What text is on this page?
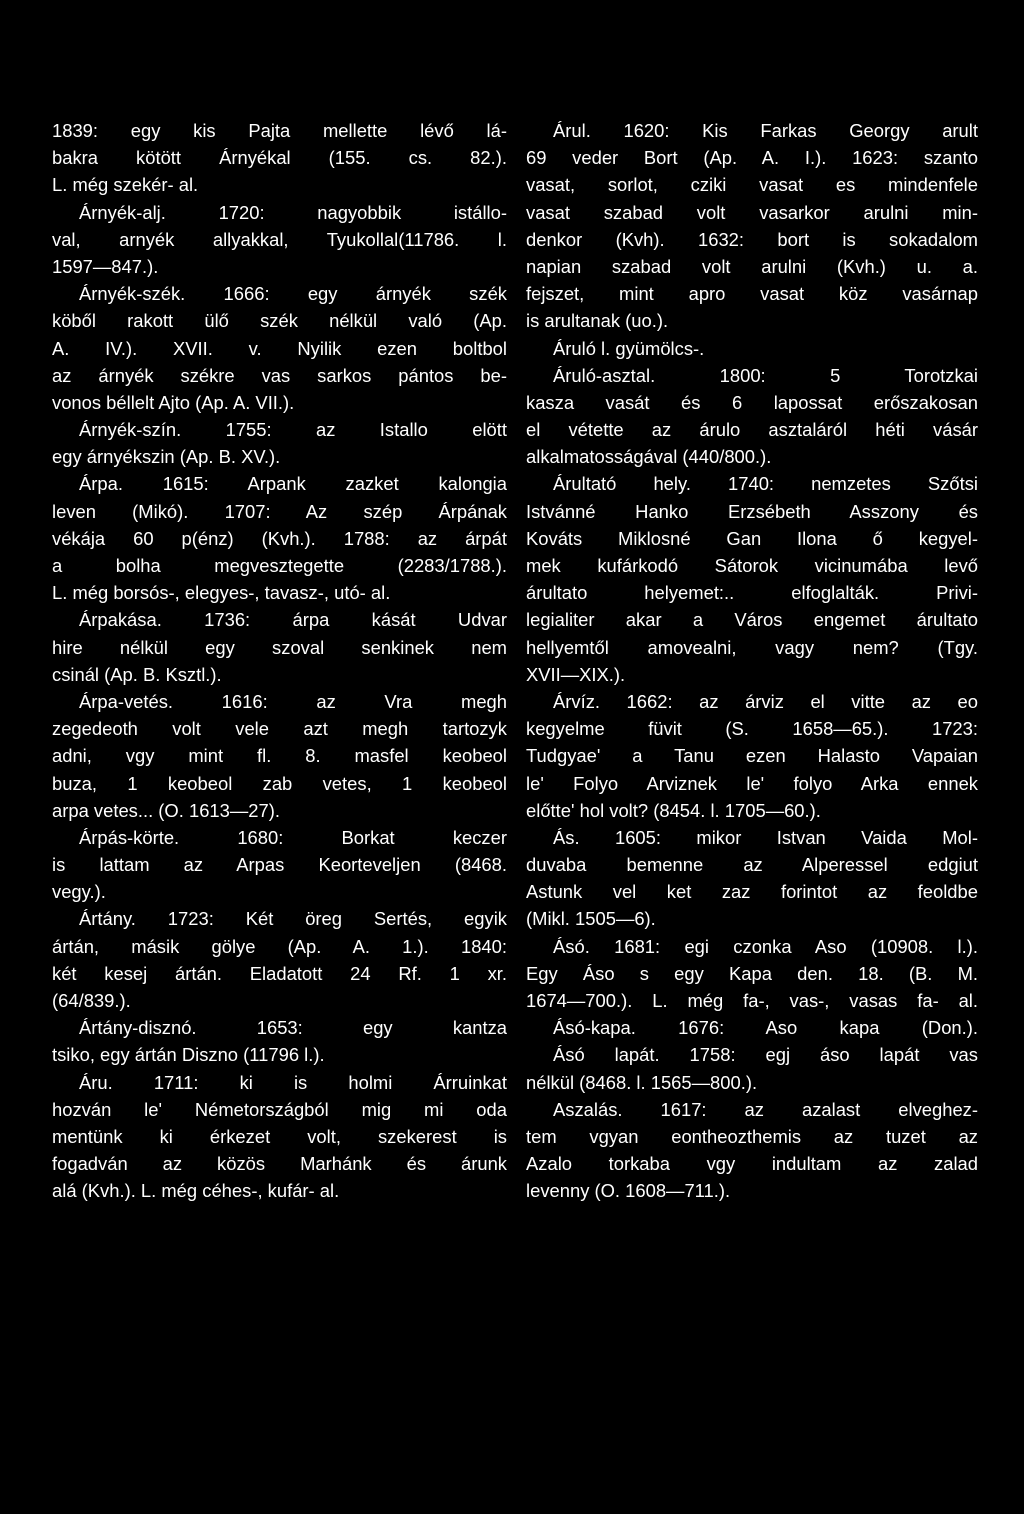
1839: egy kis Pajta mellette lévő lá-
bakra kötött Árnyékal (155. cs. 82.).
L. még szekér- al.
Árnyék-alj. 1720: nagyobbik istállo-
val, arnyék allyakkal, Tyukollal(11786. l.
1597—847.).
Árnyék-szék. 1666: egy árnyék szék
köből rakott ülő szék nélkül való (Ap.
A. IV.). XVII. v. Nyilik ezen boltbol
az árnyék székre vas sarkos pántos be-
vonos béllelt Ajto (Ap. A. VII.).
Árnyék-szín. 1755: az Istallo elött
egy árnyékszin (Ap. B. XV.).
Árpa. 1615: Arpank zazket kalongia
leven (Mikó). 1707: Az szép Árpának
vékája 60 p(énz) (Kvh.). 1788: az árpát
a bolha megvesztegette (2283/1788.).
L. még borsós-, elegyes-, tavasz-, utó- al.
Árpakása. 1736: árpa kását Udvar
hire nélkül egy szoval senkinek nem
csinál (Ap. B. Ksztl.).
Árpa-vetés. 1616: az Vra megh
zegedeoth volt vele azt megh tartozyk
adni, vgy mint fl. 8. masfel keobeol
buza, 1 keobeol zab vetes, 1 keobeol
arpa vetes... (O. 1613—27).
Árpás-körte. 1680: Borkat keczer
is lattam az Arpas Keorteveljen (8468.
vegy.).
Ártány. 1723: Két öreg Sertés, egyik
ártán, másik gölye (Ap. A. 1.). 1840:
két kesej ártán. Eladatott 24 Rf. 1 xr.
(64/839.).
Ártány-disznó. 1653: egy kantza
tsiko, egy ártán Diszno (11796 l.).
Áru. 1711: ki is holmi Árruinkat
hozván le' Németországból mig mi oda
mentünk ki érkezet volt, szekerest is
fogadván az közös Marhánk és árunk
alá (Kvh.). L. még céhes-, kufár- al.
Árul. 1620: Kis Farkas Georgy arult
69 veder Bort (Ap. A. I.). 1623: szanto
vasat, sorlot, cziki vasat es mindenfele
vasat szabad volt vasarkor arulni min-
denkor (Kvh). 1632: bort is sokadalom
napian szabad volt arulni (Kvh.) u. a.
fejszet, mint apro vasat köz vasárnap
is arultanak (uo.).
Áruló l. gyümölcs-.
Áruló-asztal. 1800: 5 Torotzkai
kasza vasát és 6 lapossat erőszakosan
el vétette az árulo asztaláról héti vásár
alkalmatosságával (440/800.).
Árultató hely. 1740: nemzetes Szőtsi
Istvánné Hanko Erzsébeth Asszony és
Kováts Miklosné Gan Ilona ő kegyel-
mek kufárkodó Sátorok vicinumába levő
árultato helyemet:.. elfoglalták. Privi-
legialiter akar a Város engemet árultato
hellyemtől amovealni, vagy nem? (Tgy.
XVII—XIX.).
Árvíz. 1662: az árviz el vitte az eo
kegyelme füvit (S. 1658—65.). 1723:
Tudgyae' a Tanu ezen Halasto Vapaian
le' Folyo Arviznek le' folyo Arka ennek
előtte' hol volt? (8454. l. 1705—60.).
Ás. 1605: mikor Istvan Vaida Mol-
duvaba bemenne az Alperessel edgiut
Astunk vel ket zaz forintot az feoldbe
(Mikl. 1505—6).
Ásó. 1681: egi czonka Aso (10908. l.).
Egy Áso s egy Kapa den. 18. (B. M.
1674—700.). L. még fa-, vas-, vasas fa- al.
Ásó-kapa. 1676: Aso kapa (Don.).
Ásó lapát. 1758: egj áso lapát vas
nélkül (8468. l. 1565—800.).
Aszalás. 1617: az azalast elveghez-
tem vgyan eontheozthemis az tuzet az
Azalo torkaba vgy indultam az zalad
levenny (O. 1608—711.).
